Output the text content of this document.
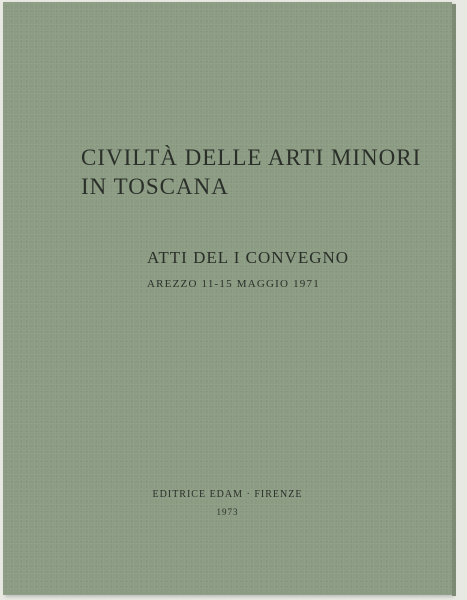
CIVILTÀ DELLE ARTI MINORI
IN TOSCANA
ATTI DEL I CONVEGNO
AREZZO 11-15 MAGGIO 1971
EDITRICE EDAM · FIRENZE
1973
